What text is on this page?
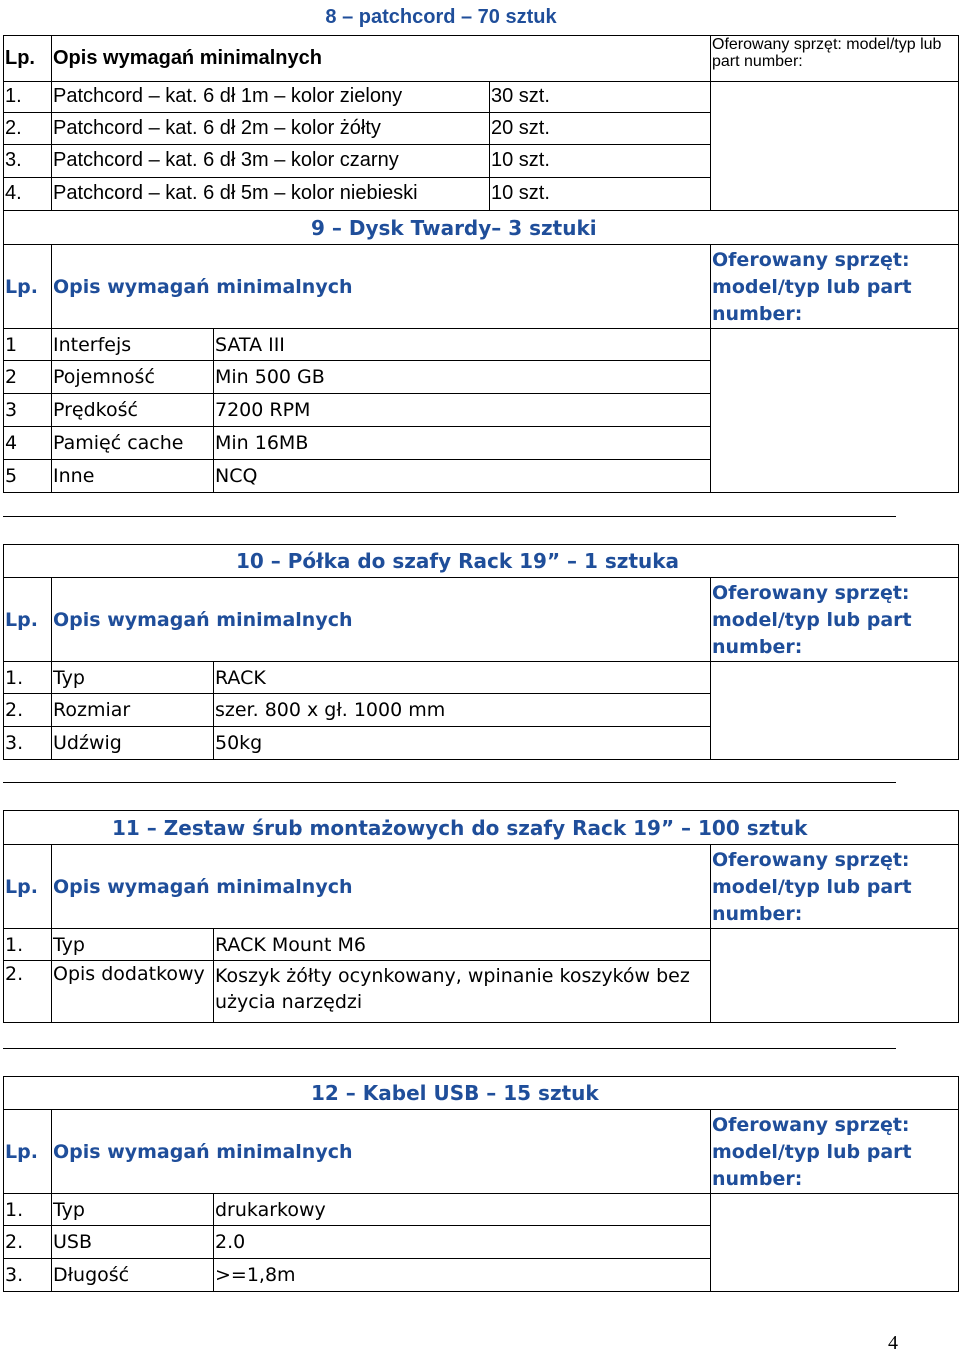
8 – patchcord – 70 sztuk			
Lp.	Opis wymagań minimalnych		Oferowany sprzęt: model/typ lub part number:
1.	Patchcord – kat. 6 dł 1m – kolor zielony	30 szt.	
2.	Patchcord – kat. 6 dł 2m – kolor żółty	20 szt.	
3.	Patchcord – kat. 6 dł 3m – kolor czarny	10 szt.	
4.	Patchcord – kat. 6 dł 5m – kolor niebieski	10 szt.	
9 – Dysk Twardy– 3 sztuki			
Lp.	Opis wymagań minimalnych		Oferowany sprzęt: model/typ lub part number:
1	Interfejs	SATA III	
2	Pojemność	Min 500 GB	
3	Prędkość	7200 RPM	
4	Pamięć cache	Min 16MB	
5	Inne	NCQ	
10 – Półka do szafy Rack 19” – 1 sztuka			
Lp.	Opis wymagań minimalnych		Oferowany sprzęt: model/typ lub part number:
1.	Typ	RACK	
2.	Rozmiar	szer. 800 x gł. 1000 mm	
3.	Udźwig	50kg	
11 – Zestaw śrub montażowych do szafy Rack 19” – 100 sztuk			
Lp.	Opis wymagań minimalnych		Oferowany sprzęt: model/typ lub part number:
1.	Typ	RACK Mount M6	
2.	Opis dodatkowy	Koszyk żółty ocynkowany, wpinanie koszyków bez użycia narzędzi	
12 – Kabel USB – 15 sztuk			
Lp.	Opis wymagań minimalnych		Oferowany sprzęt: model/typ lub part number:
1.	Typ	drukarkowy	
2.	USB	2.0	
3.	Długość	>=1,8m	
4
